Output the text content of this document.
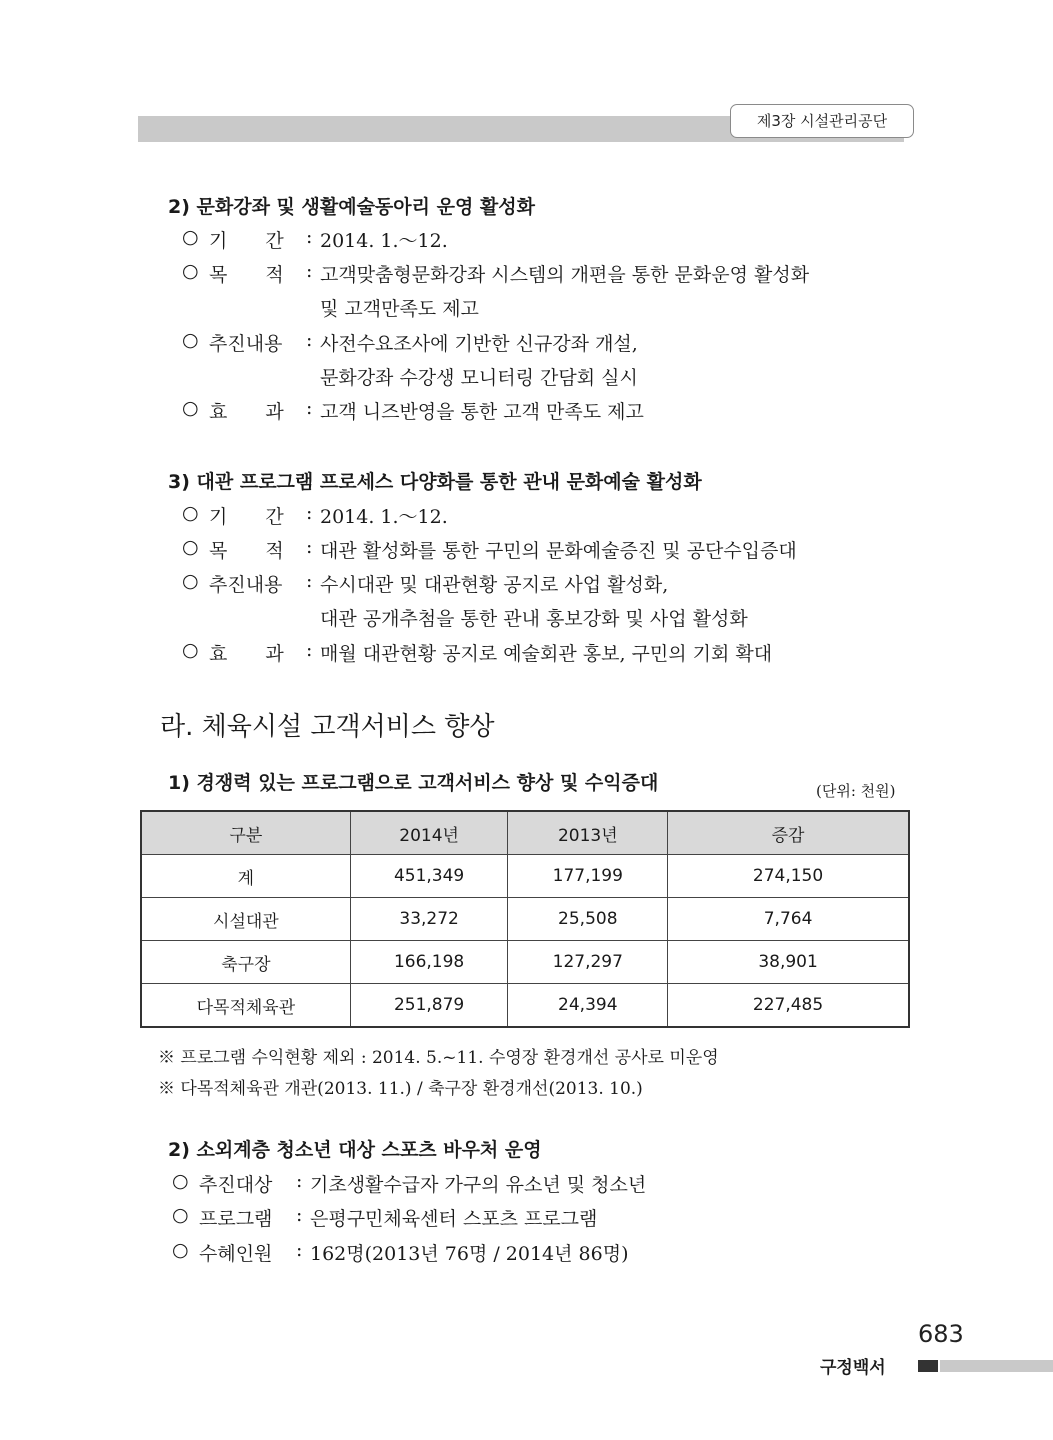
제3장 시설관리공단
2) 문화강좌 및 생활예술동아리 운영 활성화
○ 기　　간 : 2014. 1.～12.
○ 목　　적 : 고객맞춤형문화강좌 시스템의 개편을 통한 문화운영 활성화
및 고객만족도 제고
○ 추진내용 : 사전수요조사에 기반한 신규강좌 개설,
문화강좌 수강생 모니터링 간담회 실시
○ 효　　과 : 고객 니즈반영을 통한 고객 만족도 제고
3) 대관 프로그램 프로세스 다양화를 통한 관내 문화예술 활성화
○ 기　　간 : 2014. 1.～12.
○ 목　　적 : 대관 활성화를 통한 구민의 문화예술증진 및 공단수입증대
○ 추진내용 : 수시대관 및 대관현황 공지로 사업 활성화,
대관 공개추첨을 통한 관내 홍보강화 및 사업 활성화
○ 효　　과 : 매월 대관현황 공지로 예술회관 홍보, 구민의 기회 확대
라. 체육시설 고객서비스 향상
1) 경쟁력 있는 프로그램으로 고객서비스 향상 및 수익증대	(단위: 천원)
구분	2014년	2013년	증감
계	451,349	177,199	274,150
시설대관	33,272	25,508	7,764
축구장	166,198	127,297	38,901
다목적체육관	251,879	24,394	227,485
※ 프로그램 수익현황 제외 : 2014. 5.~11. 수영장 환경개선 공사로 미운영
※ 다목적체육관 개관(2013. 11.) / 축구장 환경개선(2013. 10.)
2) 소외계층 청소년 대상 스포츠 바우처 운영
○ 추진대상 : 기초생활수급자 가구의 유소년 및 청소년
○ 프로그램 : 은평구민체육센터 스포츠 프로그램
○ 수혜인원 : 162명(2013년 76명 / 2014년 86명)
683
구정백서
